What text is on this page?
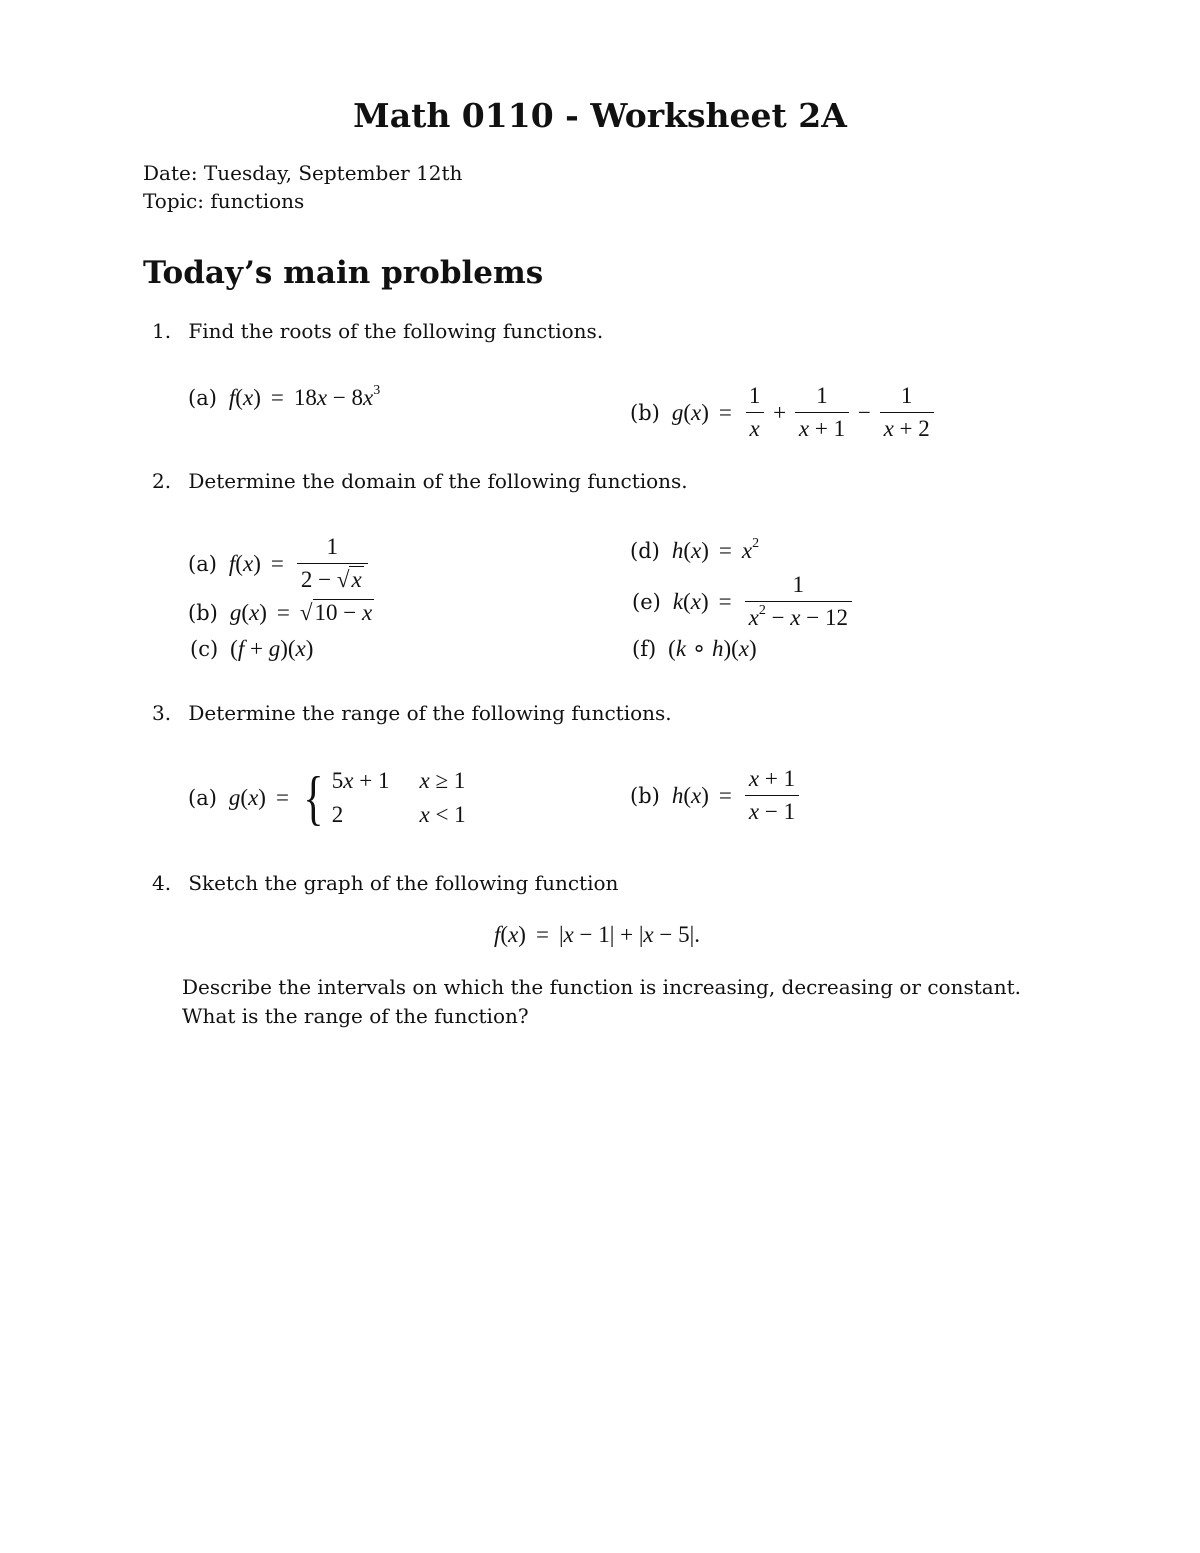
Math 0110 - Worksheet 2A
Date: Tuesday, September 12th
Topic: functions
Today’s main problems
1. Find the roots of the following functions.
(a) $f(x) = 18x - 8x^3$
(b) g ( x ) = $\frac{1}{x} + \frac{1}{x + 1} - \frac{1}{x + 2}$
2. Determine the domain of the following functions.
(a) f ( x ) = $\frac{1}{2 - √x}$
(b) g(x) = √10 − x
(c) (f + g)(x)
(d) $h(x) = x^2$
(e) k ( x ) = $\frac{1}{x^2 - x - 12}$
(f) (k ∘ h)(x)
3. Determine the range of the following functions.
(a) g ( x ) = { 5x + 1 x ≥ 1
2	x < 1
(b) h ( x ) = $\frac{x + 1}{x - 1}$
4. Sketch the graph of the following function
f(x) = |x − 1| + |x − 5|.
Describe the intervals on which the function is increasing, decreasing or constant. What is the range of the function?
